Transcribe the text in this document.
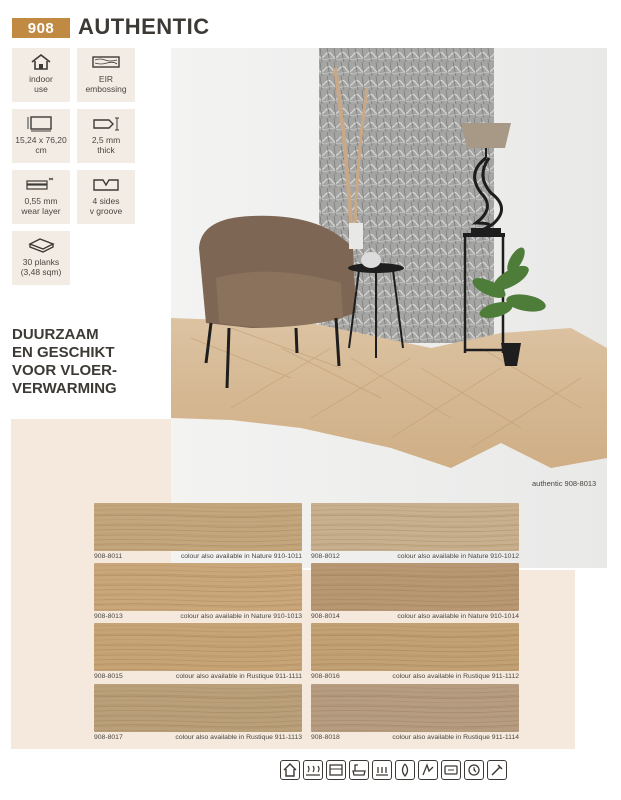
908	AUTHENTIC
indoor
use
EIR
embossing
15,24 x 76,20
cm
2,5 mm
thick
0,55 mm
wear layer
4 sides
v groove
30 planks
(3,48 sqm)
DUURZAAM
EN GESCHIKT
VOOR VLOER-
VERWARMING
authentic 908-8013
908-8011	colour also available in Nature 910-1011 908-8012	colour also available in Nature 910-1012
908-8013	colour also available in Nature 910-1013 908-8014	colour also available in Nature 910-1014
908-8015	colour also available in Rustique 911-1111 908-8016	colour also available in Rustique 911-1112
908-8017	colour also available in Rustique 911-1113 908-8018	colour also available in Rustique 911-1114
